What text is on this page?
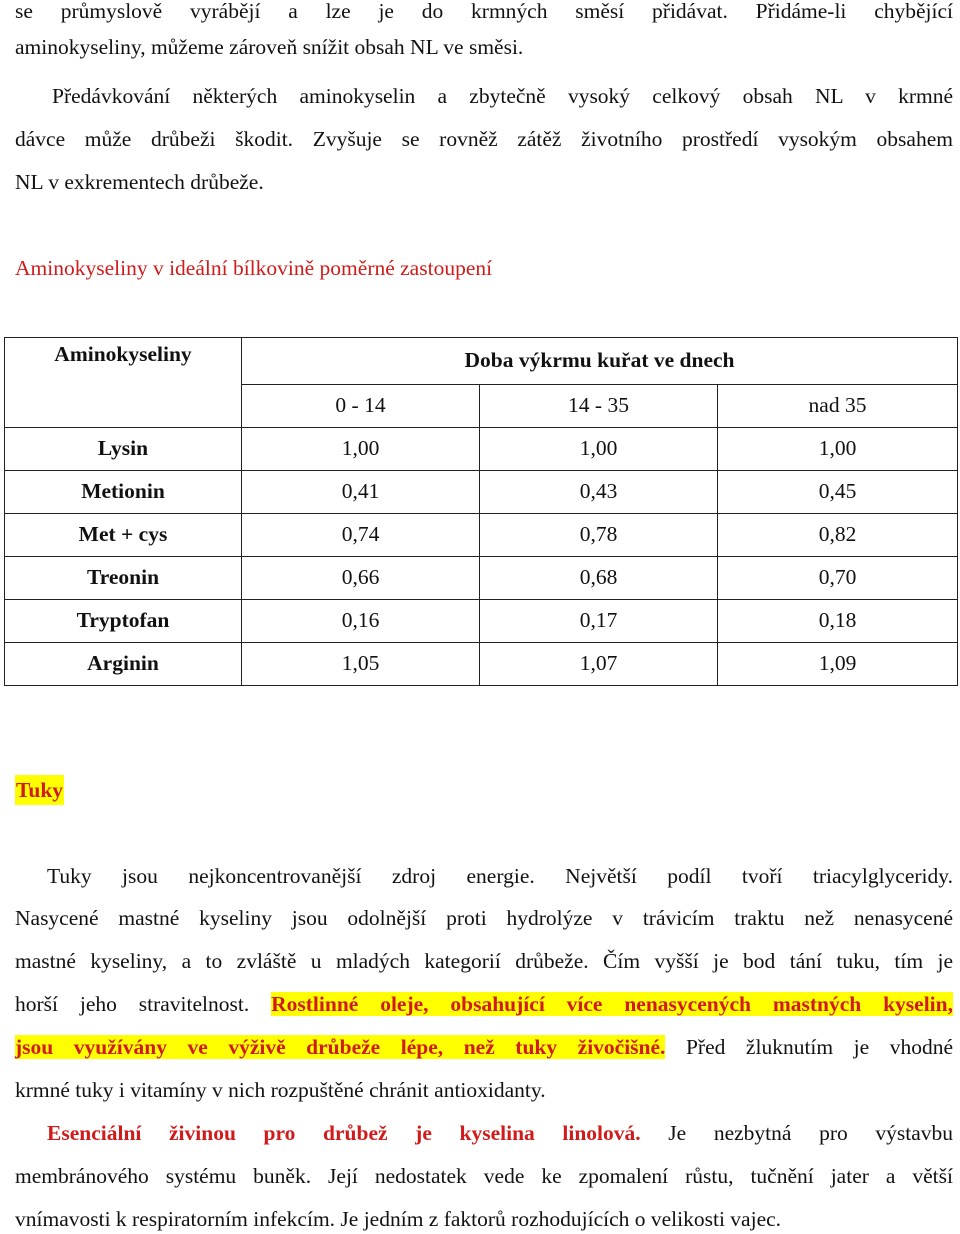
se průmyslově vyrábějí a lze je do krmných směsí přidávat. Přidáme-li chybějící
aminokyseliny, můžeme zároveň snížit obsah NL ve směsi.
Předávkování některých aminokyselin a zbytečně vysoký celkový obsah NL v krmné
dávce může drůbeži škodit. Zvyšuje se rovněž zátěž životního prostředí vysokým obsahem
NL v exkrementech drůbeže.
Aminokyseliny v ideální bílkovině poměrné zastoupení
Aminokyseliny	Doba výkrmu kuřat ve dnech		
	0 - 14	14 - 35	nad 35
Lysin	1,00	1,00	1,00
Metionin	0,41	0,43	0,45
Met + cys	0,74	0,78	0,82
Treonin	0,66	0,68	0,70
Tryptofan	0,16	0,17	0,18
Arginin	1,05	1,07	1,09
Tuky
Tuky jsou nejkoncentrovanější zdroj energie. Největší podíl tvoří triacylglyceridy.
Nasycené mastné kyseliny jsou odolnější proti hydrolýze v trávicím traktu než nenasycené
mastné kyseliny, a to zvláště u mladých kategorií drůbeže. Čím vyšší je bod tání tuku, tím je
horší jeho stravitelnost. Rostlinné oleje, obsahující více nenasycených mastných kyselin,
jsou využívány ve výživě drůbeže lépe, než tuky živočišné. Před žluknutím je vhodné
krmné tuky i vitamíny v nich rozpuštěné chránit antioxidanty.
Esenciální živinou pro drůbež je kyselina linolová. Je nezbytná pro výstavbu
membránového systému buněk. Její nedostatek vede ke zpomalení růstu, tučnění jater a větší
vnímavosti k respiratorním infekcím. Je jedním z faktorů rozhodujících o velikosti vajec.
